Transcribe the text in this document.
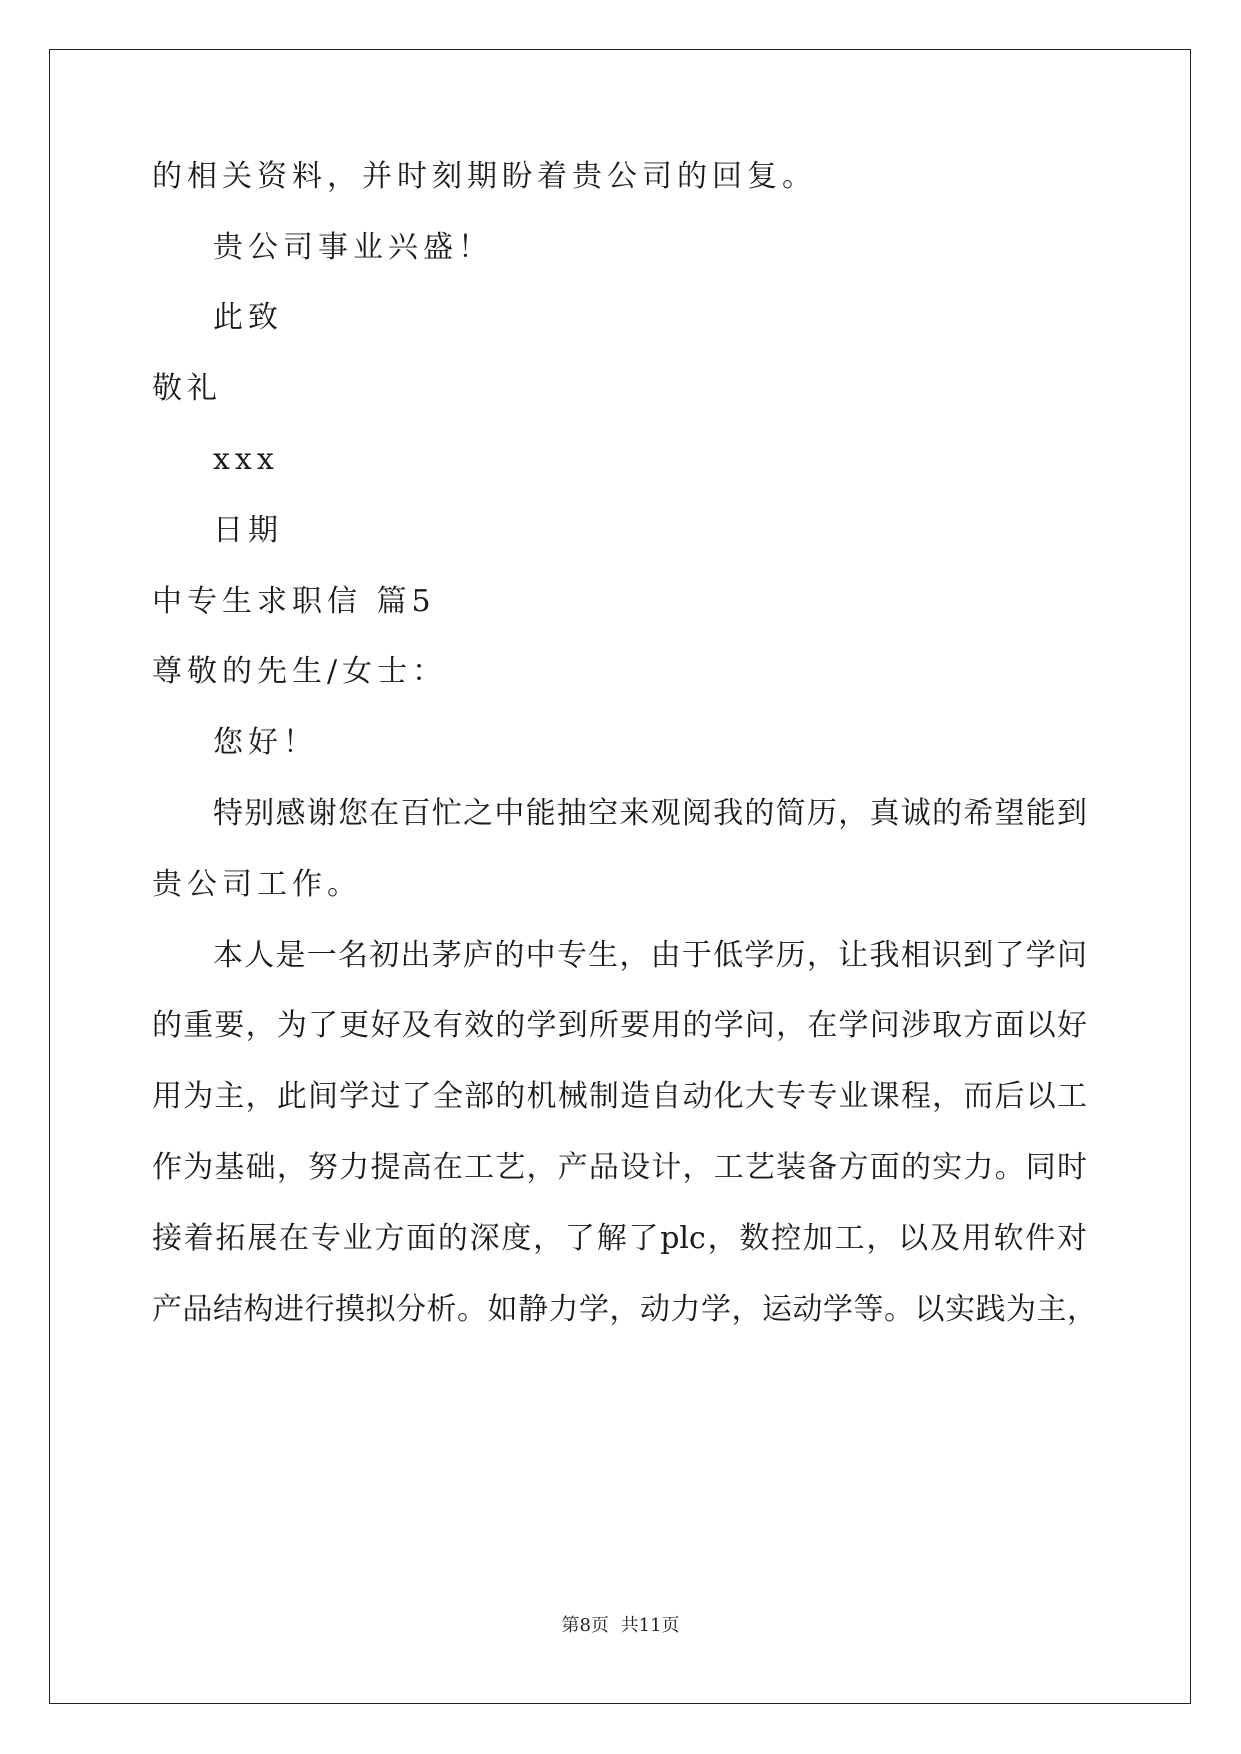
的相关资料，并时刻期盼着贵公司的回复。
贵公司事业兴盛！
此致
敬礼
xxx
日期
中专生求职信 篇5
尊敬的先生/女士：
您好！
特别感谢您在百忙之中能抽空来观阅我的简历，真诚的希望能到
贵公司工作。
本人是一名初出茅庐的中专生，由于低学历，让我相识到了学问
的重要，为了更好及有效的学到所要用的学问，在学问涉取方面以好
用为主，此间学过了全部的机械制造自动化大专专业课程，而后以工
作为基础，努力提高在工艺，产品设计，工艺装备方面的实力。同时
接着拓展在专业方面的深度，了解了plc，数控加工，以及用软件对
产品结构进行摸拟分析。如静力学，动力学，运动学等。以实践为主，
第8页 共11页
